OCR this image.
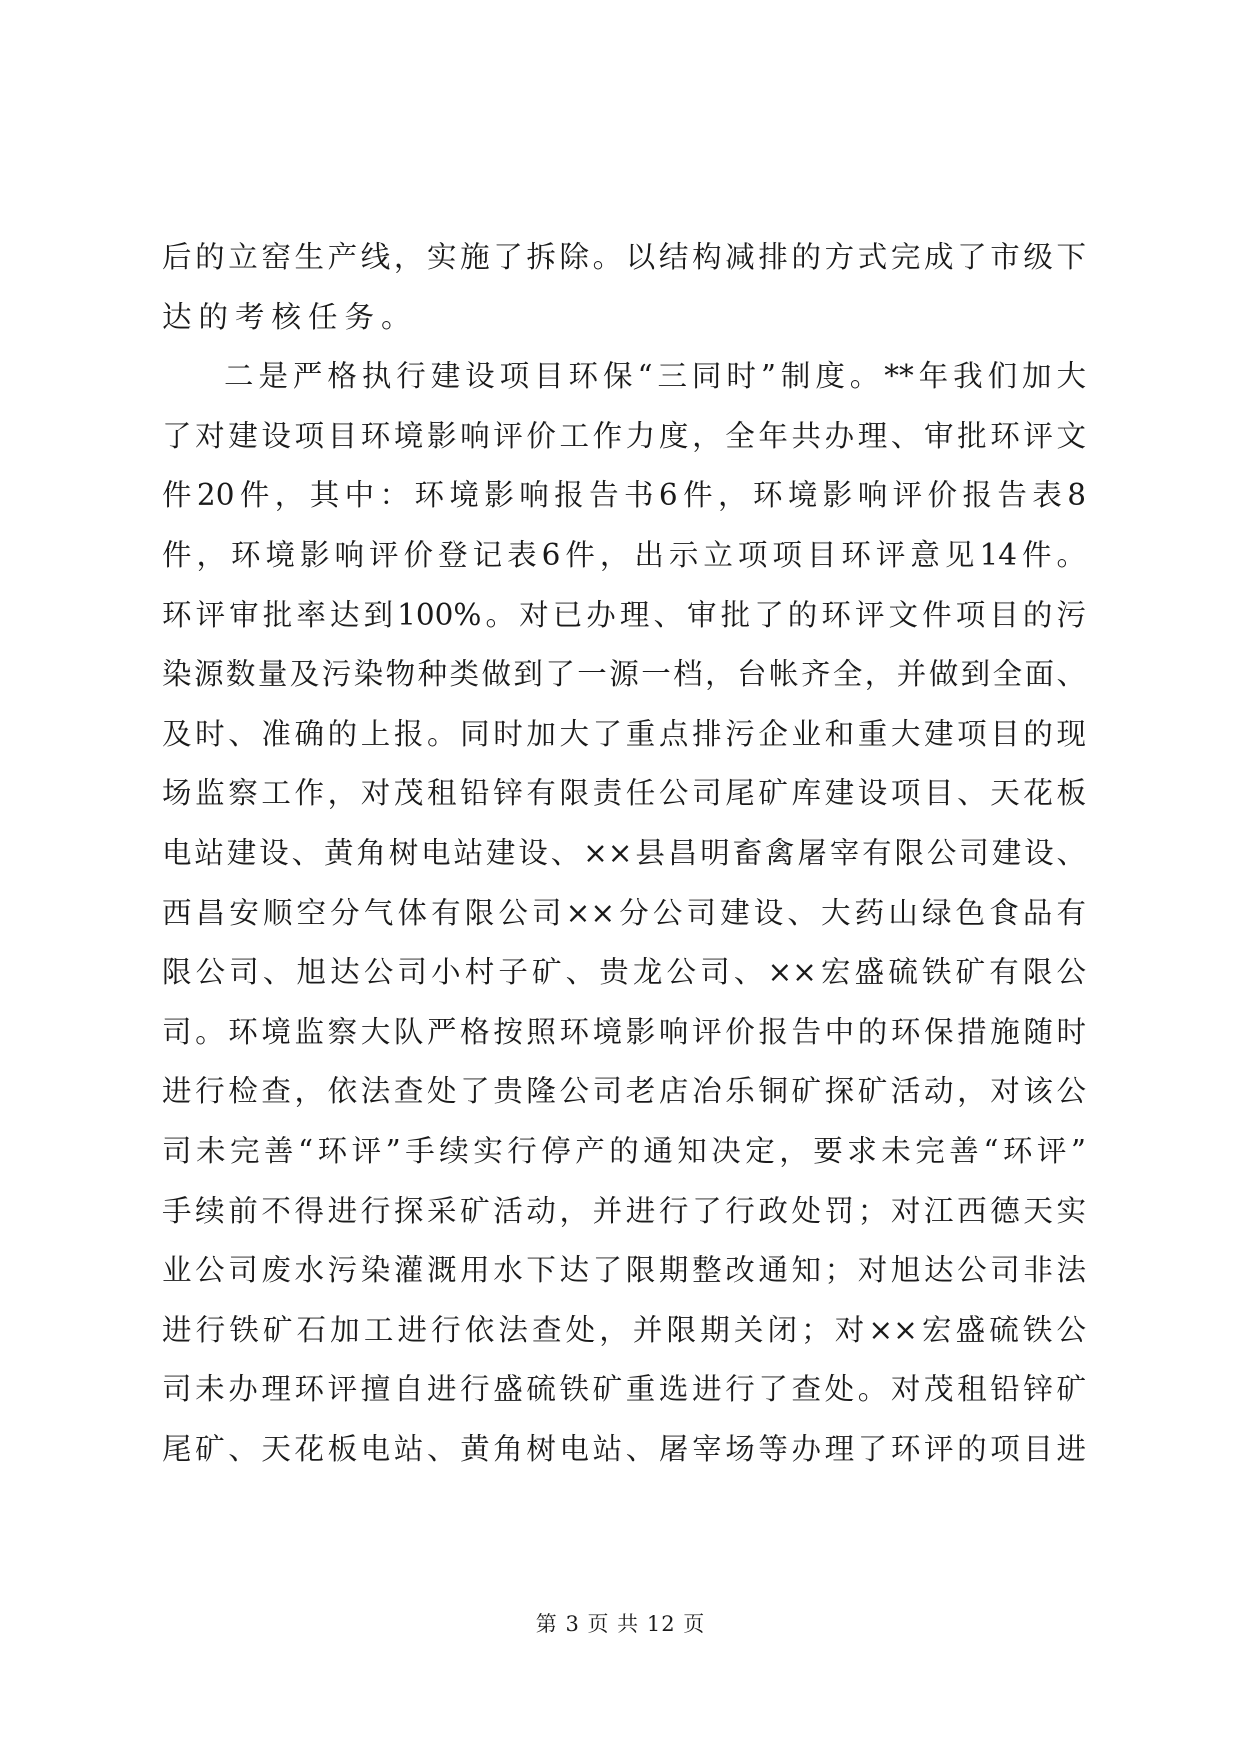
后的立窑生产线，实施了拆除。以结构减排的方式完成了市级下
达的考核任务。
二是严格执行建设项目环保“三同时”制度。**年我们加大
了对建设项目环境影响评价工作力度，全年共办理、审批环评文
件20件，其中：环境影响报告书6件，环境影响评价报告表8
件，环境影响评价登记表6件，出示立项项目环评意见14件。
环评审批率达到100%。对已办理、审批了的环评文件项目的污
染源数量及污染物种类做到了一源一档，台帐齐全，并做到全面、
及时、准确的上报。同时加大了重点排污企业和重大建项目的现
场监察工作，对茂租铅锌有限责任公司尾矿库建设项目、天花板
电站建设、黄角树电站建设、××县昌明畜禽屠宰有限公司建设、
西昌安顺空分气体有限公司××分公司建设、大药山绿色食品有
限公司、旭达公司小村子矿、贵龙公司、××宏盛硫铁矿有限公
司。环境监察大队严格按照环境影响评价报告中的环保措施随时
进行检查，依法查处了贵隆公司老店冶乐铜矿探矿活动，对该公
司未完善“环评”手续实行停产的通知决定，要求未完善“环评”
手续前不得进行探采矿活动，并进行了行政处罚；对江西德天实
业公司废水污染灌溉用水下达了限期整改通知；对旭达公司非法
进行铁矿石加工进行依法查处，并限期关闭；对××宏盛硫铁公
司未办理环评擅自进行盛硫铁矿重选进行了查处。对茂租铅锌矿
尾矿、天花板电站、黄角树电站、屠宰场等办理了环评的项目进
第 3 页 共 12 页
